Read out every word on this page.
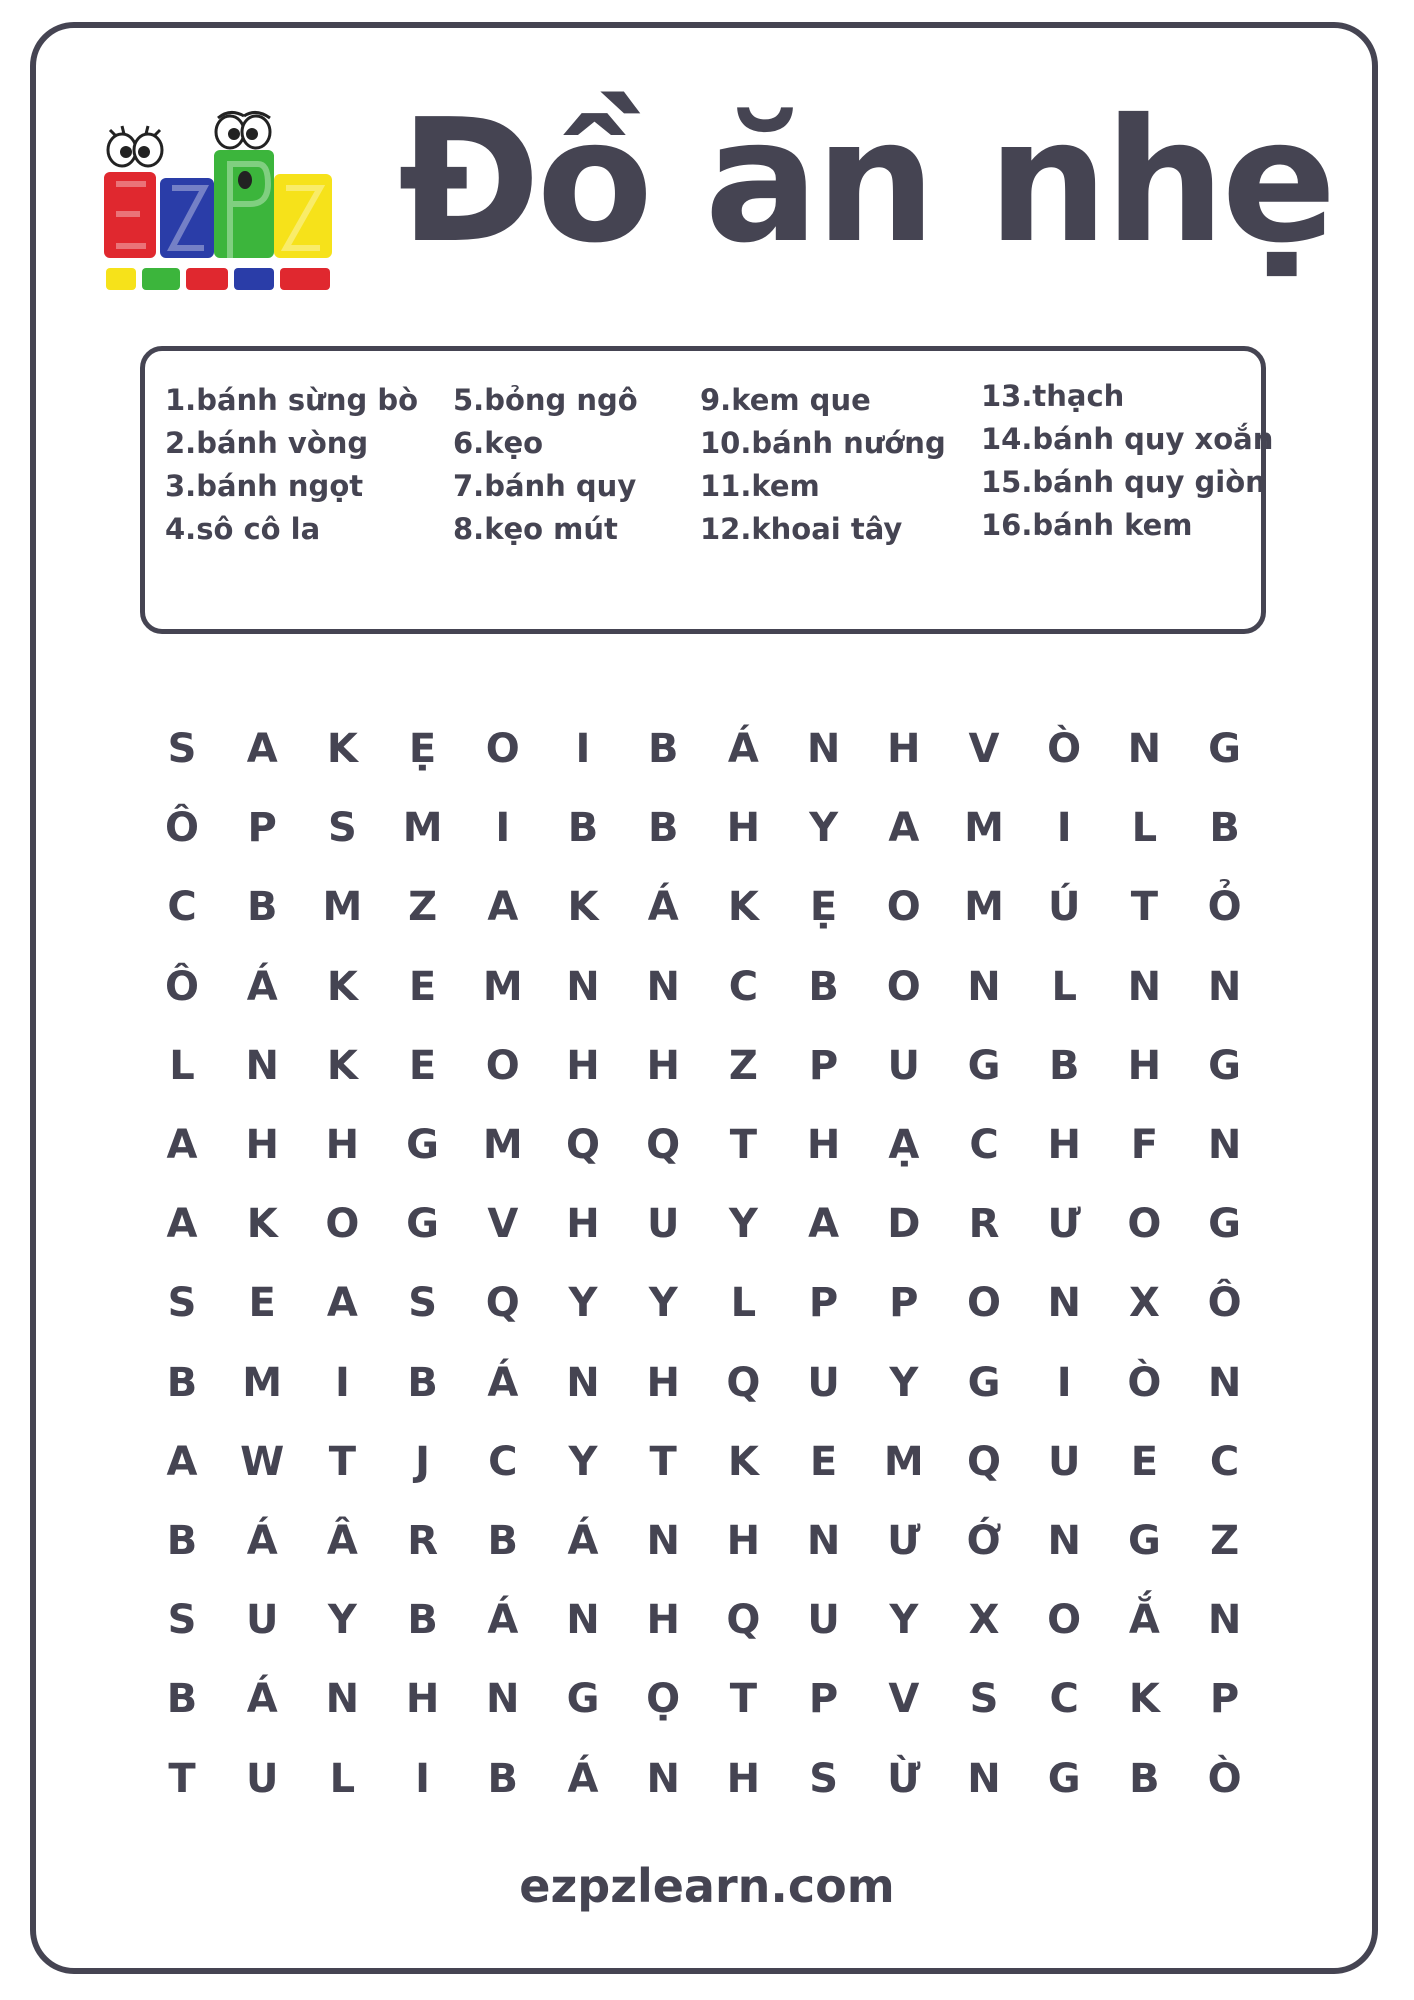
Đồ ăn nhẹ
1.bánh sừng bò
2.bánh vòng
3.bánh ngọt
4.sô cô la
5.bỏng ngô
6.kẹo
7.bánh quy
8.kẹo mút
9.kem que
10.bánh nướng
11.kem
12.khoai tây
13.thạch
14.bánh quy xoắn
15.bánh quy giòn
16.bánh kem
S	A	K	Ẹ	O	I	B	Á	N	H	V	Ò	N	G
Ô	P	S	M	I	B	B	H	Y	A	M	I	L	B
C	B	M	Z	A	K	Á	K	Ẹ	O	M	Ú	T	Ỏ
Ô	Á	K	E	M	N	N	C	B	O	N	L	N	N
L	N	K	E	O	H	H	Z	P	U	G	B	H	G
A	H	H	G	M	Q	Q	T	H	Ạ	C	H	F	N
A	K	O	G	V	H	U	Y	A	D	R	Ư	O	G
S	E	A	S	Q	Y	Y	L	P	P	O	N	X	Ô
B	M	I	B	Á	N	H	Q	U	Y	G	I	Ò	N
A	W	T	J	C	Y	T	K	E	M	Q	U	E	C
B	Á	Â	R	B	Á	N	H	N	Ư	Ớ	N	G	Z
S	U	Y	B	Á	N	H	Q	U	Y	X	O	Ắ	N
B	Á	N	H	N	G	Ọ	T	P	V	S	C	K	P
T	U	L	I	B	Á	N	H	S	Ừ	N	G	B	Ò
ezpzlearn.com
